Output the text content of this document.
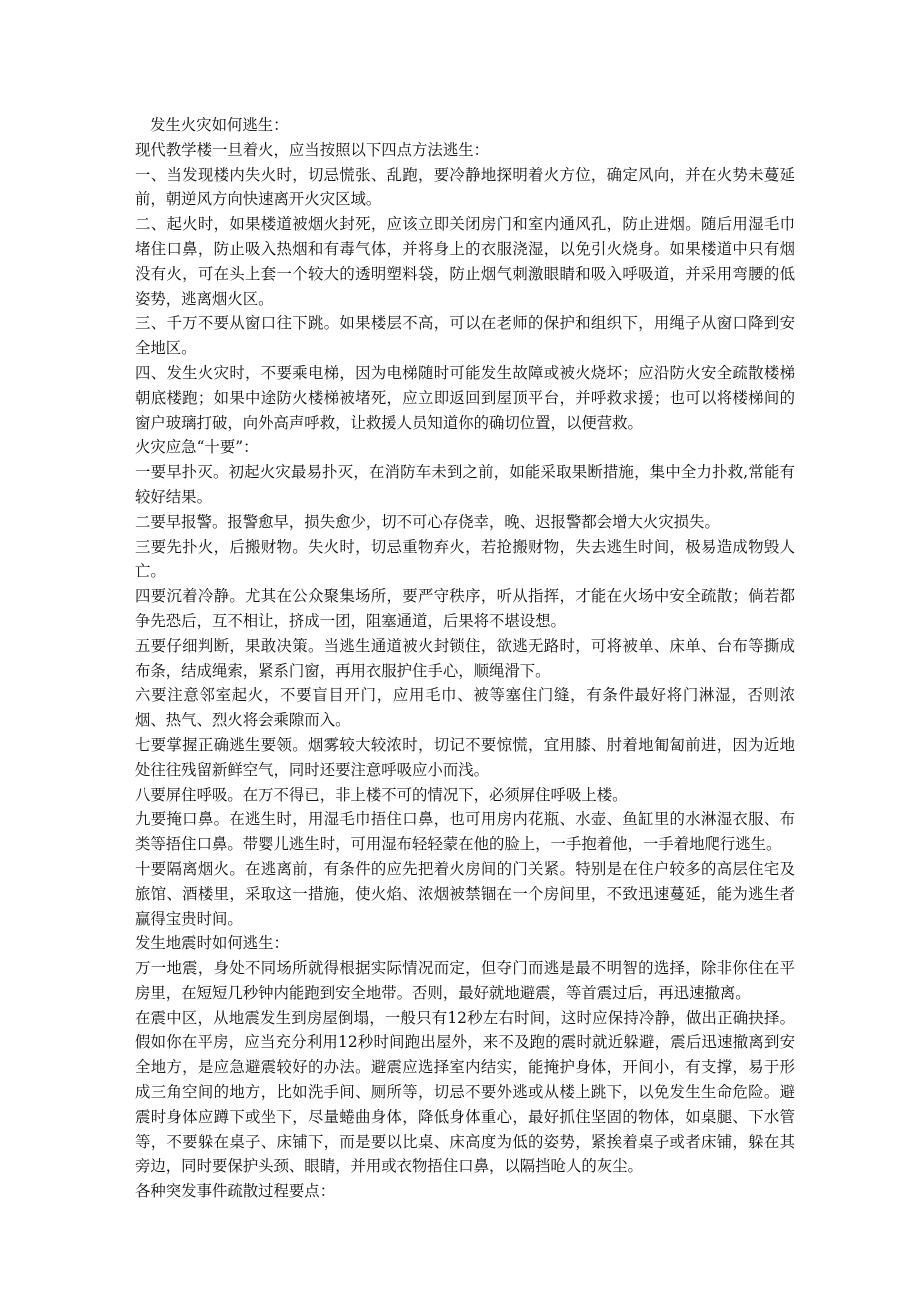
发生火灾如何逃生：

现代教学楼一旦着火，应当按照以下四点方法逃生：

一、当发现楼内失火时，切忌慌张、乱跑，要冷静地探明着火方位，确定风向，并在火势未蔓延前，朝逆风方向快速离开火灾区域。

二、起火时，如果楼道被烟火封死，应该立即关闭房门和室内通风孔，防止进烟。随后用湿毛巾堵住口鼻，防止吸入热烟和有毒气体，并将身上的衣服浇湿，以免引火烧身。如果楼道中只有烟没有火，可在头上套一个较大的透明塑料袋，防止烟气刺激眼睛和吸入呼吸道，并采用弯腰的低姿势，逃离烟火区。

三、千万不要从窗口往下跳。如果楼层不高，可以在老师的保护和组织下，用绳子从窗口降到安全地区。

四、发生火灾时，不要乘电梯，因为电梯随时可能发生故障或被火烧坏；应沿防火安全疏散楼梯朝底楼跑；如果中途防火楼梯被堵死，应立即返回到屋顶平台，并呼救求援；也可以将楼梯间的窗户玻璃打破，向外高声呼救，让救援人员知道你的确切位置，以便营救。

火灾应急“十要”：

一要早扑灭。初起火灾最易扑灭，在消防车未到之前，如能采取果断措施，集中全力扑救,常能有较好结果。

二要早报警。报警愈早，损失愈少，切不可心存侥幸，晚、迟报警都会增大火灾损失。

三要先扑火，后搬财物。失火时，切忌重物弃火，若抢搬财物，失去逃生时间，极易造成物毁人亡。

四要沉着冷静。尤其在公众聚集场所，要严守秩序，听从指挥，才能在火场中安全疏散；倘若都争先恐后，互不相让，挤成一团，阻塞通道，后果将不堪设想。

五要仔细判断，果敢决策。当逃生通道被火封锁住，欲逃无路时，可将被单、床单、台布等撕成布条，结成绳索，紧系门窗，再用衣服护住手心，顺绳滑下。

六要注意邻室起火，不要盲目开门，应用毛巾、被等塞住门缝，有条件最好将门淋湿，否则浓烟、热气、烈火将会乘隙而入。

七要掌握正确逃生要领。烟雾较大较浓时，切记不要惊慌，宜用膝、肘着地匍匐前进，因为近地处往往残留新鲜空气，同时还要注意呼吸应小而浅。

八要屏住呼吸。在万不得已，非上楼不可的情况下，必须屏住呼吸上楼。

九要掩口鼻。在逃生时，用湿毛巾捂住口鼻，也可用房内花瓶、水壶、鱼缸里的水淋湿衣服、布类等捂住口鼻。带婴儿逃生时，可用湿布轻轻蒙在他的脸上，一手抱着他，一手着地爬行逃生。

十要隔离烟火。在逃离前，有条件的应先把着火房间的门关紧。特别是在住户较多的高层住宅及旅馆、酒楼里，采取这一措施，使火焰、浓烟被禁锢在一个房间里，不致迅速蔓延，能为逃生者赢得宝贵时间。

发生地震时如何逃生：

万一地震，身处不同场所就得根据实际情况而定，但夺门而逃是最不明智的选择，除非你住在平房里，在短短几秒钟内能跑到安全地带。否则，最好就地避震，等首震过后，再迅速撤离。

在震中区，从地震发生到房屋倒塌，一般只有12秒左右时间，这时应保持冷静，做出正确抉择。假如你在平房，应当充分利用12秒时间跑出屋外，来不及跑的震时就近躲避，震后迅速撤离到安全地方，是应急避震较好的办法。避震应选择室内结实，能掩护身体，开间小，有支撑，易于形成三角空间的地方，比如洗手间、厕所等，切忌不要外逃或从楼上跳下，以免发生生命危险。避震时身体应蹲下或坐下，尽量蜷曲身体，降低身体重心，最好抓住坚固的物体，如桌腿、下水管等，不要躲在桌子、床铺下，而是要以比桌、床高度为低的姿势，紧挨着桌子或者床铺，躲在其旁边，同时要保护头颈、眼睛，并用或衣物捂住口鼻，以隔挡呛人的灰尘。

各种突发事件疏散过程要点：
